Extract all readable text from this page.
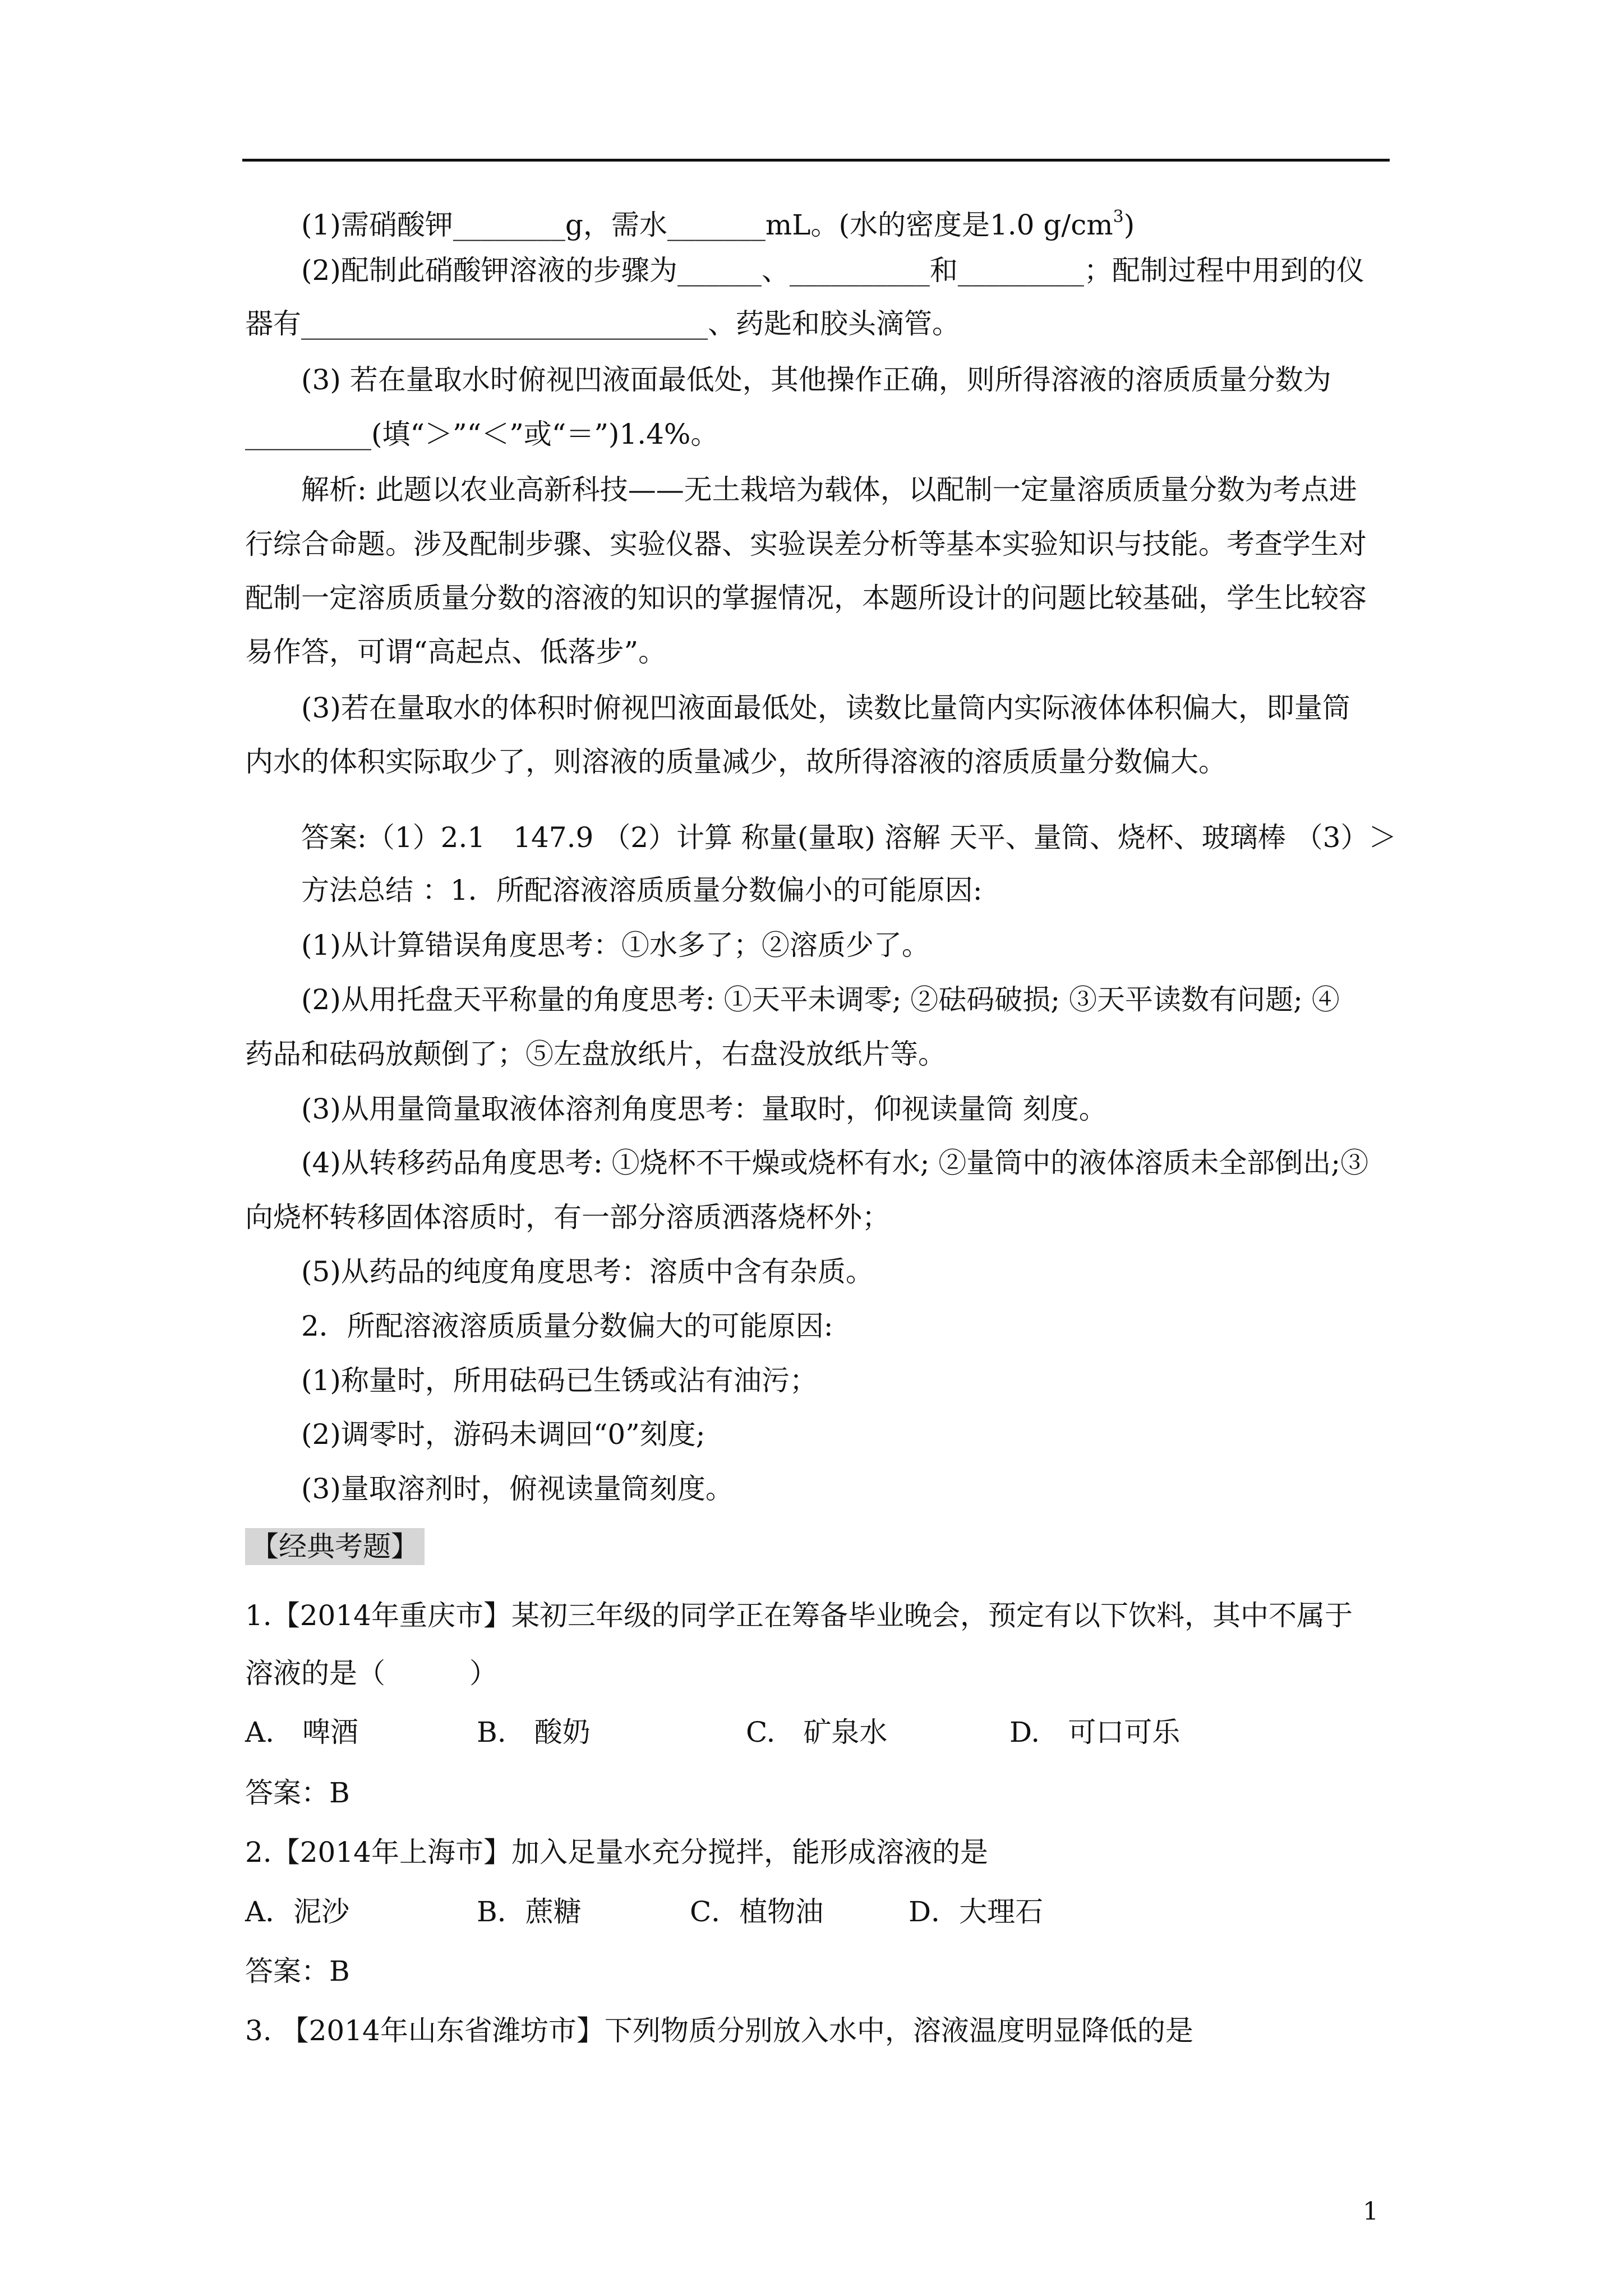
(1)需硝酸钾________g，需水_______mL。(水的密度是1.0 $g/cm^3$)
(2)配制此硝酸钾溶液的步骤为______、__________和_________；配制过程中用到的仪
器有_____________________________、药匙和胶头滴管。
(3) 若在量取水时俯视凹液面最低处，其他操作正确，则所得溶液的溶质质量分数为
_________(填“＞”“＜”或“＝”)1.4%。
解析: 此题以农业高新科技——无土栽培为载体，以配制一定量溶质质量分数为考点进
行综合命题。涉及配制步骤、实验仪器、实验误差分析等基本实验知识与技能。考查学生对
配制一定溶质质量分数的溶液的知识的掌握情况，本题所设计的问题比较基础，学生比较容
易作答，可谓“高起点、低落步”。
(3)若在量取水的体积时俯视凹液面最低处，读数比量筒内实际液体体积偏大，即量筒
内水的体积实际取少了，则溶液的质量减少，故所得溶液的溶质质量分数偏大。
答案:（1）2.1　147.9 （2）计算 称量(量取) 溶解 天平、量筒、烧杯、玻璃棒 （3）＞
方法总结 ：1．所配溶液溶质质量分数偏小的可能原因:
(1)从计算错误角度思考：①水多了；②溶质少了。
(2)从用托盘天平称量的角度思考: ①天平未调零; ②砝码破损; ③天平读数有问题; ④
药品和砝码放颠倒了；⑤左盘放纸片，右盘没放纸片等。
(3)从用量筒量取液体溶剂角度思考：量取时，仰视读量筒 刻度。
(4)从转移药品角度思考: ①烧杯不干燥或烧杯有水; ②量筒中的液体溶质未全部倒出;③
向烧杯转移固体溶质时，有一部分溶质洒落烧杯外；
(5)从药品的纯度角度思考：溶质中含有杂质。
2．所配溶液溶质质量分数偏大的可能原因:
(1)称量时，所用砝码已生锈或沾有油污；
(2)调零时，游码未调回“0”刻度;
(3)量取溶剂时，俯视读量筒刻度。
【经典考题】
1.【2014年重庆市】某初三年级的同学正在筹备毕业晚会，预定有以下饮料，其中不属于
溶液的是（　　　）
A.　啤酒	B.　酸奶	C.　矿泉水	D.　可口可乐
答案：B
2.【2014年上海市】加入足量水充分搅拌，能形成溶液的是
A．泥沙	B．蔗糖	C．植物油	D．大理石
答案：B
3. 【2014年山东省潍坊市】下列物质分别放入水中，溶液温度明显降低的是
1
